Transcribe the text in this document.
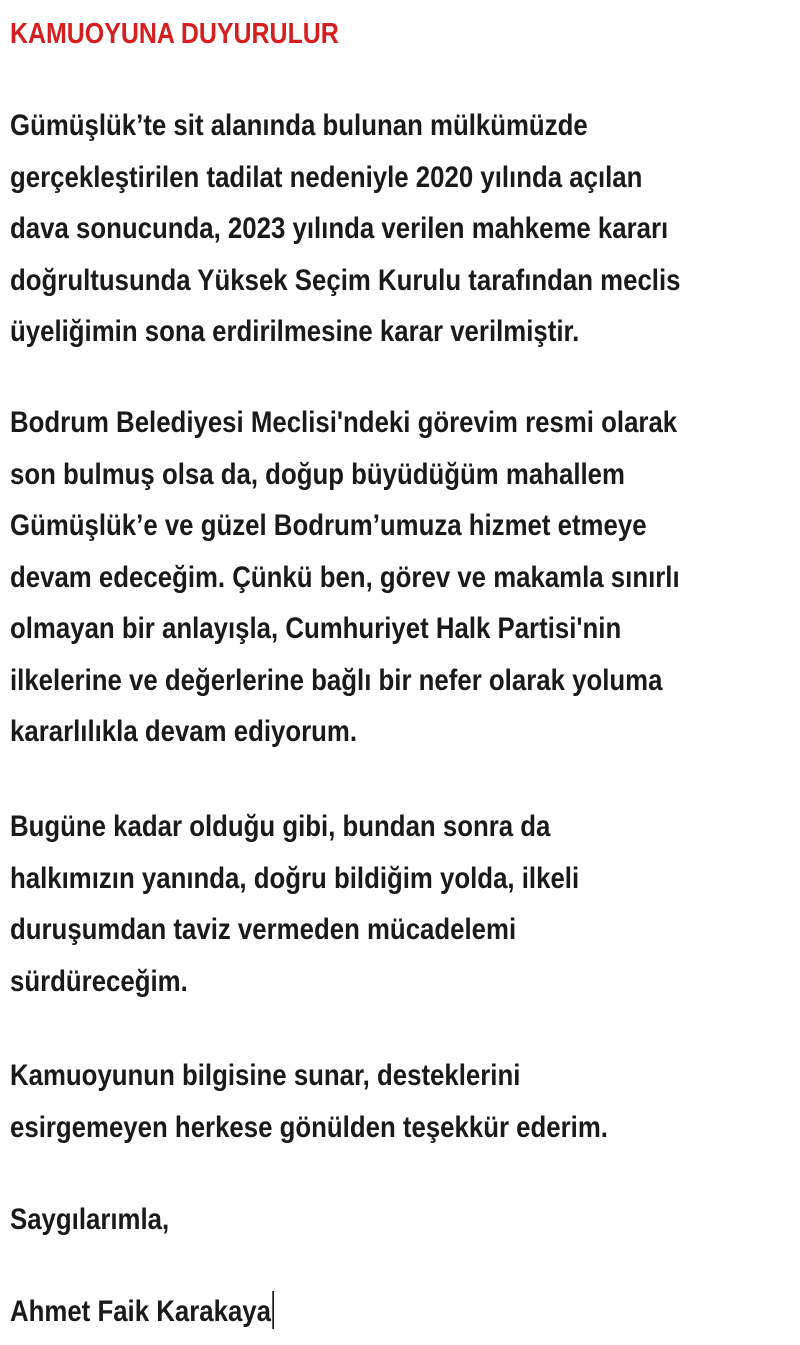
KAMUOYUNA DUYURULUR

Gümüşlük’te sit alanında bulunan mülkümüzde
gerçekleştirilen tadilat nedeniyle 2020 yılında açılan
dava sonucunda, 2023 yılında verilen mahkeme kararı
doğrultusunda Yüksek Seçim Kurulu tarafından meclis
üyeliğimin sona erdirilmesine karar verilmiştir.

Bodrum Belediyesi Meclisi'ndeki görevim resmi olarak
son bulmuş olsa da, doğup büyüdüğüm mahallem
Gümüşlük’e ve güzel Bodrum’umuza hizmet etmeye
devam edeceğim. Çünkü ben, görev ve makamla sınırlı
olmayan bir anlayışla, Cumhuriyet Halk Partisi'nin
ilkelerine ve değerlerine bağlı bir nefer olarak yoluma
kararlılıkla devam ediyorum.

Bugüne kadar olduğu gibi, bundan sonra da
halkımızın yanında, doğru bildiğim yolda, ilkeli
duruşumdan taviz vermeden mücadelemi
sürdüreceğim.

Kamuoyunun bilgisine sunar, desteklerini
esirgemeyen herkese gönülden teşekkür ederim.

Saygılarımla,

Ahmet Faik Karakaya
